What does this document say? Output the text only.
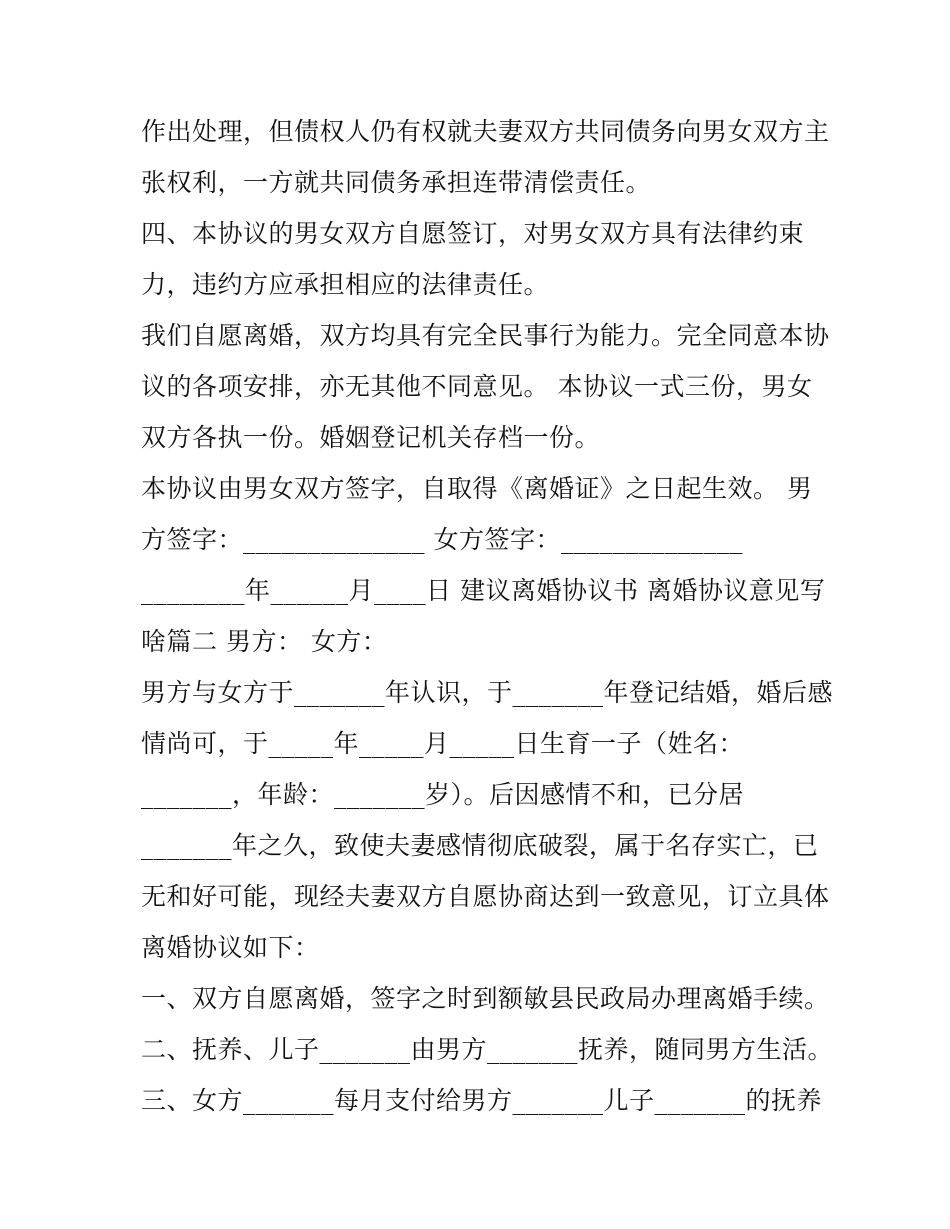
作出处理，但债权人仍有权就夫妻双方共同债务向男女双方主
张权利，一方就共同债务承担连带清偿责任。
四、本协议的男女双方自愿签订，对男女双方具有法律约束
力，违约方应承担相应的法律责任。
我们自愿离婚，双方均具有完全民事行为能力。完全同意本协
议的各项安排，亦无其他不同意见。 本协议一式三份，男女
双方各执一份。婚姻登记机关存档一份。
本协议由男女双方签字，自取得《离婚证》之日起生效。 男
方签字：______________ 女方签字：______________
________年______月____日 建议离婚协议书 离婚协议意见写
啥篇二 男方： 女方：
男方与女方于_______年认识，于_______年登记结婚，婚后感
情尚可，于_____年_____月_____日生育一子（姓名：
_______，年龄：_______岁）。后因感情不和，已分居
_______年之久，致使夫妻感情彻底破裂，属于名存实亡，已
无和好可能，现经夫妻双方自愿协商达到一致意见，订立具体
离婚协议如下：
一、双方自愿离婚，签字之时到额敏县民政局办理离婚手续。
二、抚养、儿子_______由男方_______抚养，随同男方生活。
三、女方_______每月支付给男方_______儿子_______的抚养
